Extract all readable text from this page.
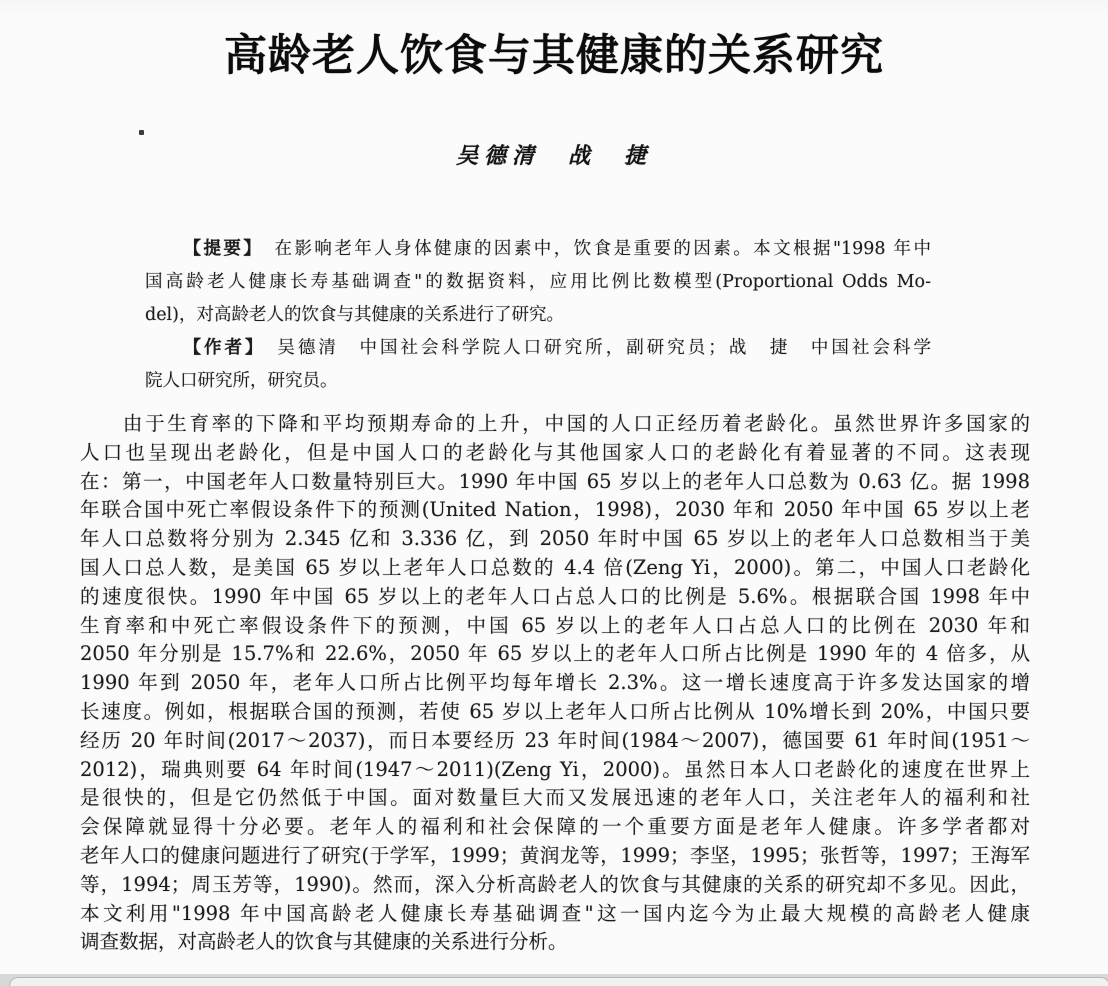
高龄老人饮食与其健康的关系研究
吴德清　战　捷
【提要】　在影响老年人身体健康的因素中，饮食是重要的因素。本文根据"1998 年中
国高龄老人健康长寿基础调查"的数据资料，应用比例比数模型(Proportional Odds Mo-
del)，对高龄老人的饮食与其健康的关系进行了研究。
【作者】　吴德清　中国社会科学院人口研究所，副研究员；战　捷　中国社会科学
院人口研究所，研究员。
由于生育率的下降和平均预期寿命的上升，中国的人口正经历着老龄化。虽然世界许多国家的
人口也呈现出老龄化，但是中国人口的老龄化与其他国家人口的老龄化有着显著的不同。这表现
在：第一，中国老年人口数量特别巨大。1990 年中国 65 岁以上的老年人口总数为 0.63 亿。据 1998
年联合国中死亡率假设条件下的预测(United Nation，1998)，2030 年和 2050 年中国 65 岁以上老
年人口总数将分别为 2.345 亿和 3.336 亿，到 2050 年时中国 65 岁以上的老年人口总数相当于美
国人口总人数，是美国 65 岁以上老年人口总数的 4.4 倍(Zeng Yi，2000)。第二，中国人口老龄化
的速度很快。1990 年中国 65 岁以上的老年人口占总人口的比例是 5.6%。根据联合国 1998 年中
生育率和中死亡率假设条件下的预测，中国 65 岁以上的老年人口占总人口的比例在 2030 年和
2050 年分别是 15.7%和 22.6%，2050 年 65 岁以上的老年人口所占比例是 1990 年的 4 倍多，从
1990 年到 2050 年，老年人口所占比例平均每年增长 2.3%。这一增长速度高于许多发达国家的增
长速度。例如，根据联合国的预测，若使 65 岁以上老年人口所占比例从 10%增长到 20%，中国只要
经历 20 年时间(2017～2037)，而日本要经历 23 年时间(1984～2007)，德国要 61 年时间(1951～
2012)，瑞典则要 64 年时间(1947～2011)(Zeng Yi，2000)。虽然日本人口老龄化的速度在世界上
是很快的，但是它仍然低于中国。面对数量巨大而又发展迅速的老年人口，关注老年人的福利和社
会保障就显得十分必要。老年人的福利和社会保障的一个重要方面是老年人健康。许多学者都对
老年人口的健康问题进行了研究(于学军，1999；黄润龙等，1999；李坚，1995；张哲等，1997；王海军
等，1994；周玉芳等，1990)。然而，深入分析高龄老人的饮食与其健康的关系的研究却不多见。因此，
本文利用"1998 年中国高龄老人健康长寿基础调查"这一国内迄今为止最大规模的高龄老人健康
调查数据，对高龄老人的饮食与其健康的关系进行分析。
